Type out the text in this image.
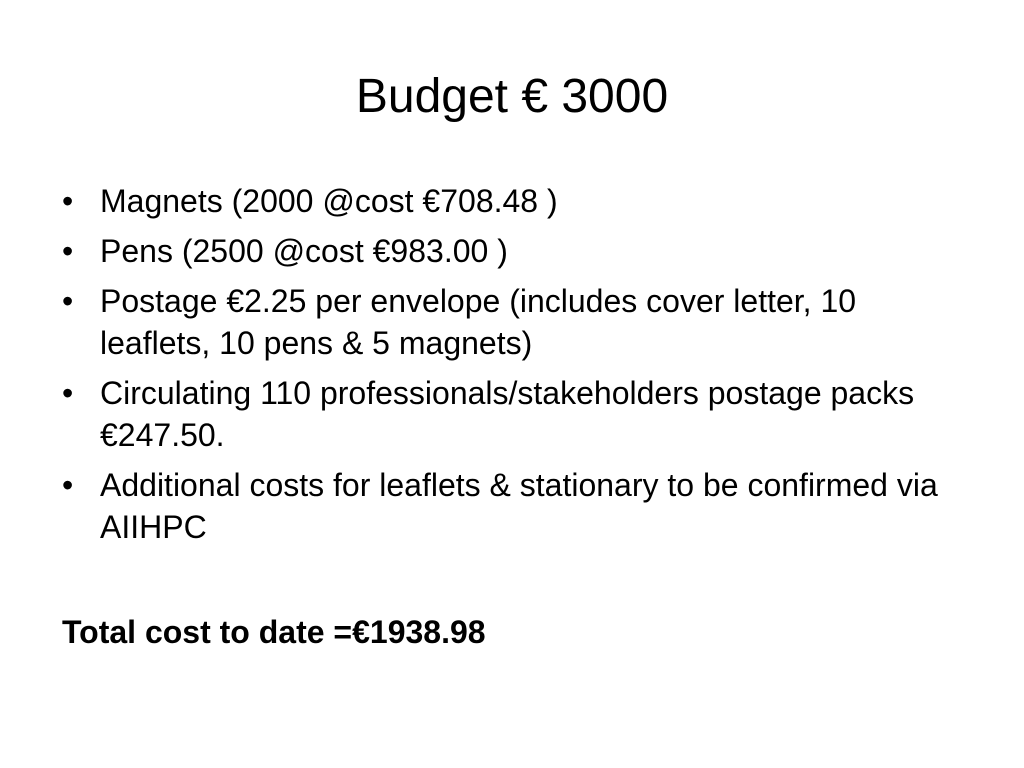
Budget € 3000
• Magnets (2000 @cost €708.48 )
• Pens (2500 @cost €983.00 )
• Postage €2.25 per envelope (includes cover letter, 10 leaflets, 10 pens & 5 magnets)
• Circulating 110 professionals/stakeholders postage packs €247.50.
• Additional costs for leaflets & stationary to be confirmed via AIIHPC

Total cost to date =€1938.98
